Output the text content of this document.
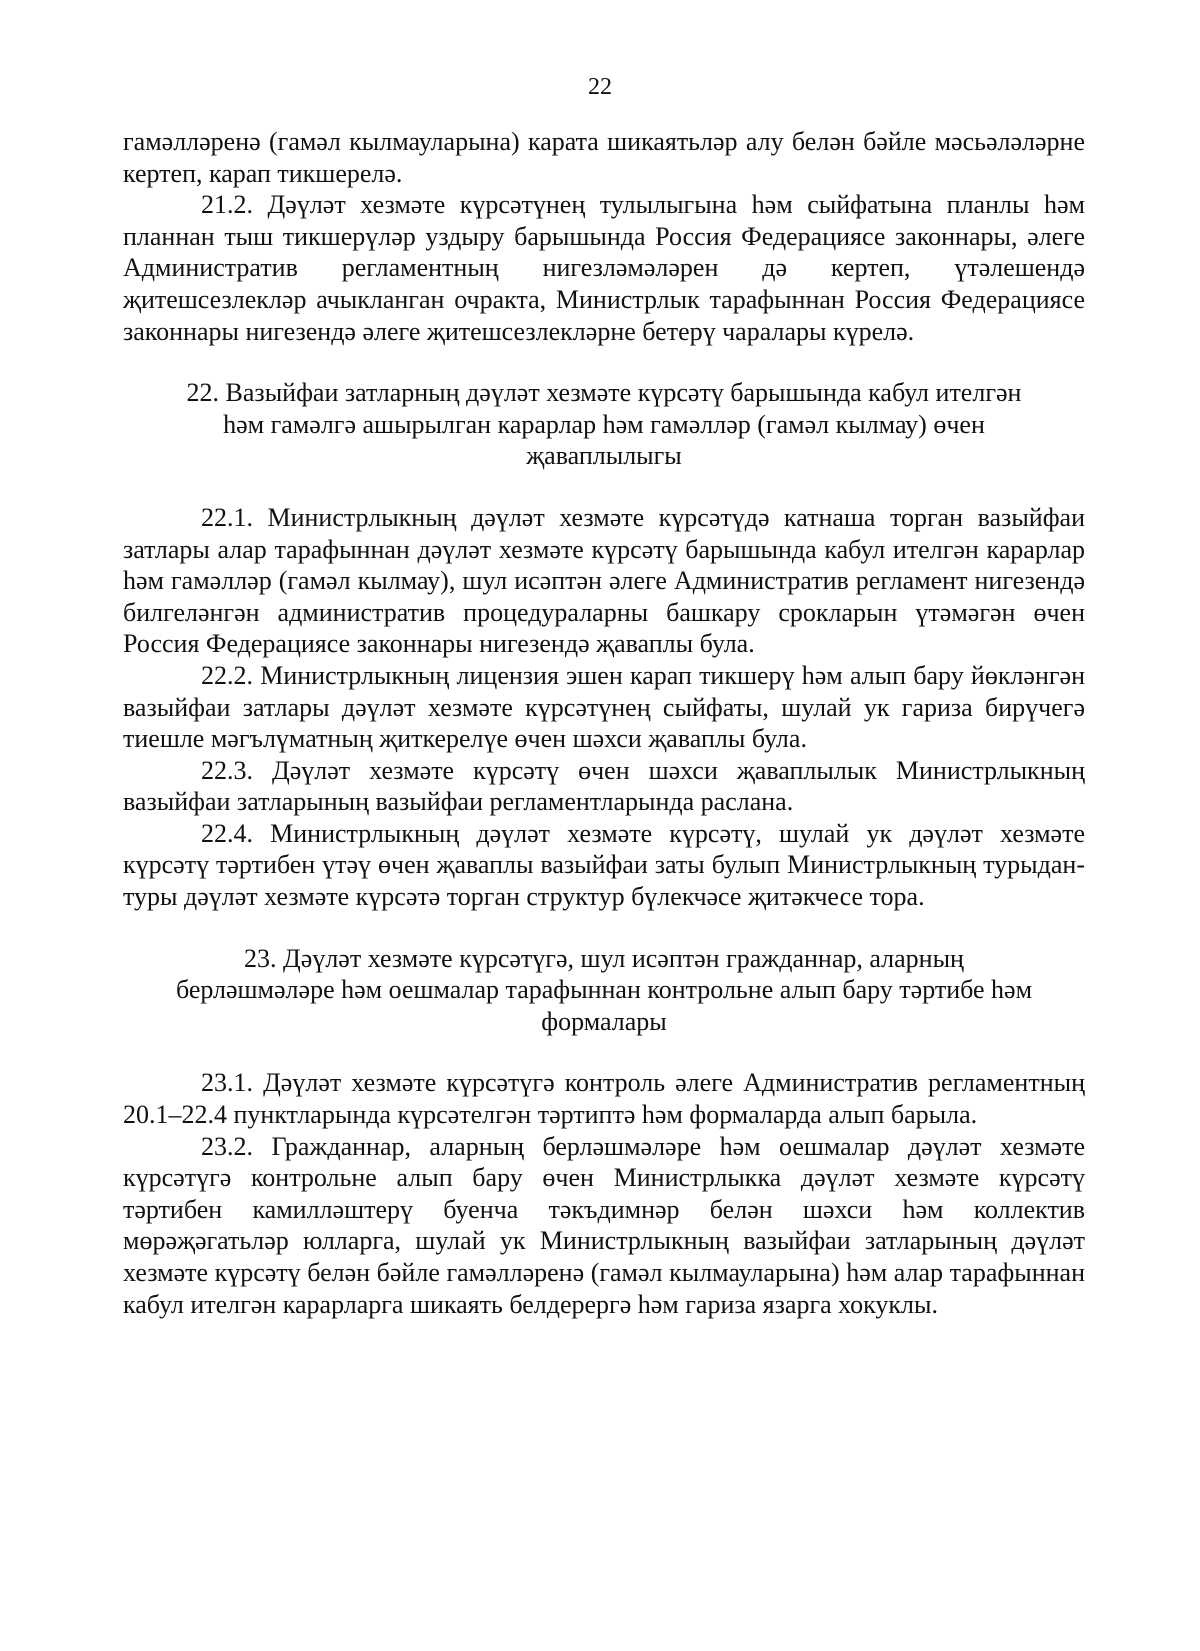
22

гамәлләренә (гамәл кылмауларына) карата шикаятьләр алу белән бәйле мәсьәләләрне кертеп, карап тикшерелә.

21.2. Дәүләт хезмәте күрсәтүнең тулылыгына һәм сыйфатына планлы һәм планнан тыш тикшерүләр уздыру барышында Россия Федерациясе законнары, әлеге Административ регламентның нигезләмәләрен дә кертеп, үтәлешендә җитешсезлекләр ачыкланган очракта, Министрлык тарафыннан Россия Федерациясе законнары нигезендә әлеге җитешсезлекләрне бетерү чаралары күрелә.

22. Вазыйфаи затларның дәүләт хезмәте күрсәтү барышында кабул ителгән
һәм гамәлгә ашырылган карарлар һәм гамәлләр (гамәл кылмау) өчен
җаваплылыгы

22.1. Министрлыкның дәүләт хезмәте күрсәтүдә катнаша торган вазыйфаи затлары алар тарафыннан дәүләт хезмәте күрсәтү барышында кабул ителгән карарлар һәм гамәлләр (гамәл кылмау), шул исәптән әлеге Административ регламент нигезендә билгеләнгән административ процедураларны башкару срокларын үтәмәгән өчен Россия Федерациясе законнары нигезендә җаваплы була.

22.2. Министрлыкның лицензия эшен карап тикшерү һәм алып бару йөкләнгән вазыйфаи затлары дәүләт хезмәте күрсәтүнең сыйфаты, шулай ук гариза бирүчегә тиешле мәгълүматның җиткерелүе өчен шәхси җаваплы була.

22.3. Дәүләт хезмәте күрсәтү өчен шәхси җаваплылык Министрлыкның вазыйфаи затларының вазыйфаи регламентларында раслана.

22.4. Министрлыкның дәүләт хезмәте күрсәтү, шулай ук дәүләт хезмәте күрсәтү тәртибен үтәү өчен җаваплы вазыйфаи заты булып Министрлыкның турыдан-туры дәүләт хезмәте күрсәтә торган структур бүлекчәсе җитәкчесе тора.

23. Дәүләт хезмәте күрсәтүгә, шул исәптән гражданнар, аларның
берләшмәләре һәм оешмалар тарафыннан контрольне алып бару тәртибе һәм
формалары

23.1. Дәүләт хезмәте күрсәтүгә контроль әлеге Административ регламентның 20.1–22.4 пунктларында күрсәтелгән тәртиптә һәм формаларда алып барыла.

23.2. Гражданнар, аларның берләшмәләре һәм оешмалар дәүләт хезмәте күрсәтүгә контрольне алып бару өчен Министрлыкка дәүләт хезмәте күрсәтү тәртибен камилләштерү буенча тәкъдимнәр белән шәхси һәм коллектив мөрәҗәгатьләр юлларга, шулай ук Министрлыкның вазыйфаи затларының дәүләт хезмәте күрсәтү белән бәйле гамәлләренә (гамәл кылмауларына) һәм алар тарафыннан кабул ителгән карарларга шикаять белдерергә һәм гариза язарга хокуклы.
